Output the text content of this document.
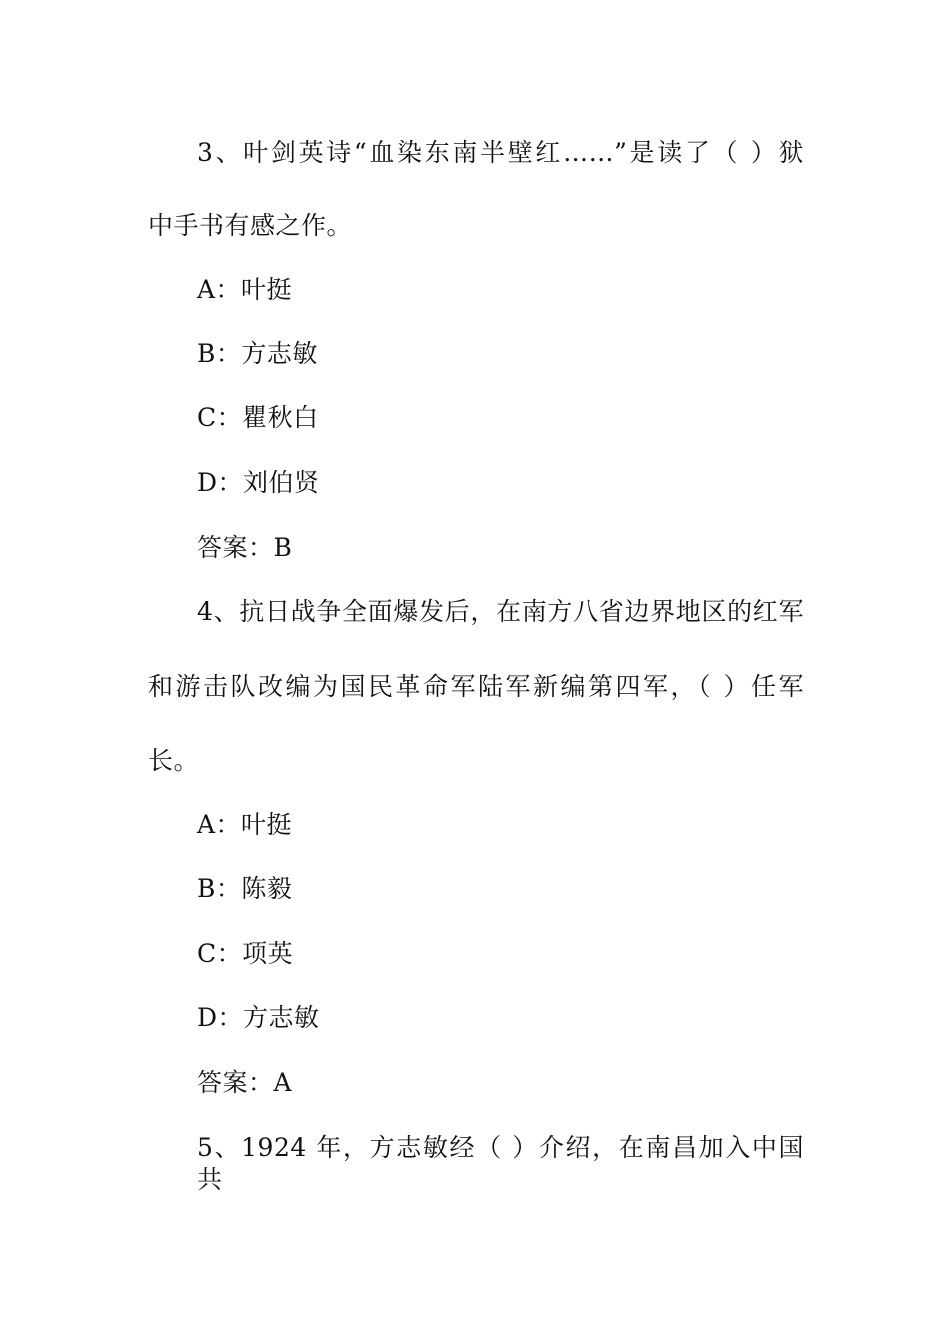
3、叶剑英诗“血染东南半壁红……”是读了（ ）狱
中手书有感之作。
A：叶挺
B：方志敏
C：瞿秋白
D：刘伯贤
答案：B
4、抗日战争全面爆发后，在南方八省边界地区的红军
和游击队改编为国民革命军陆军新编第四军，（ ）任军
长。
A：叶挺
B：陈毅
C：项英
D：方志敏
答案：A
5、1924 年，方志敏经（ ）介绍，在南昌加入中国共
